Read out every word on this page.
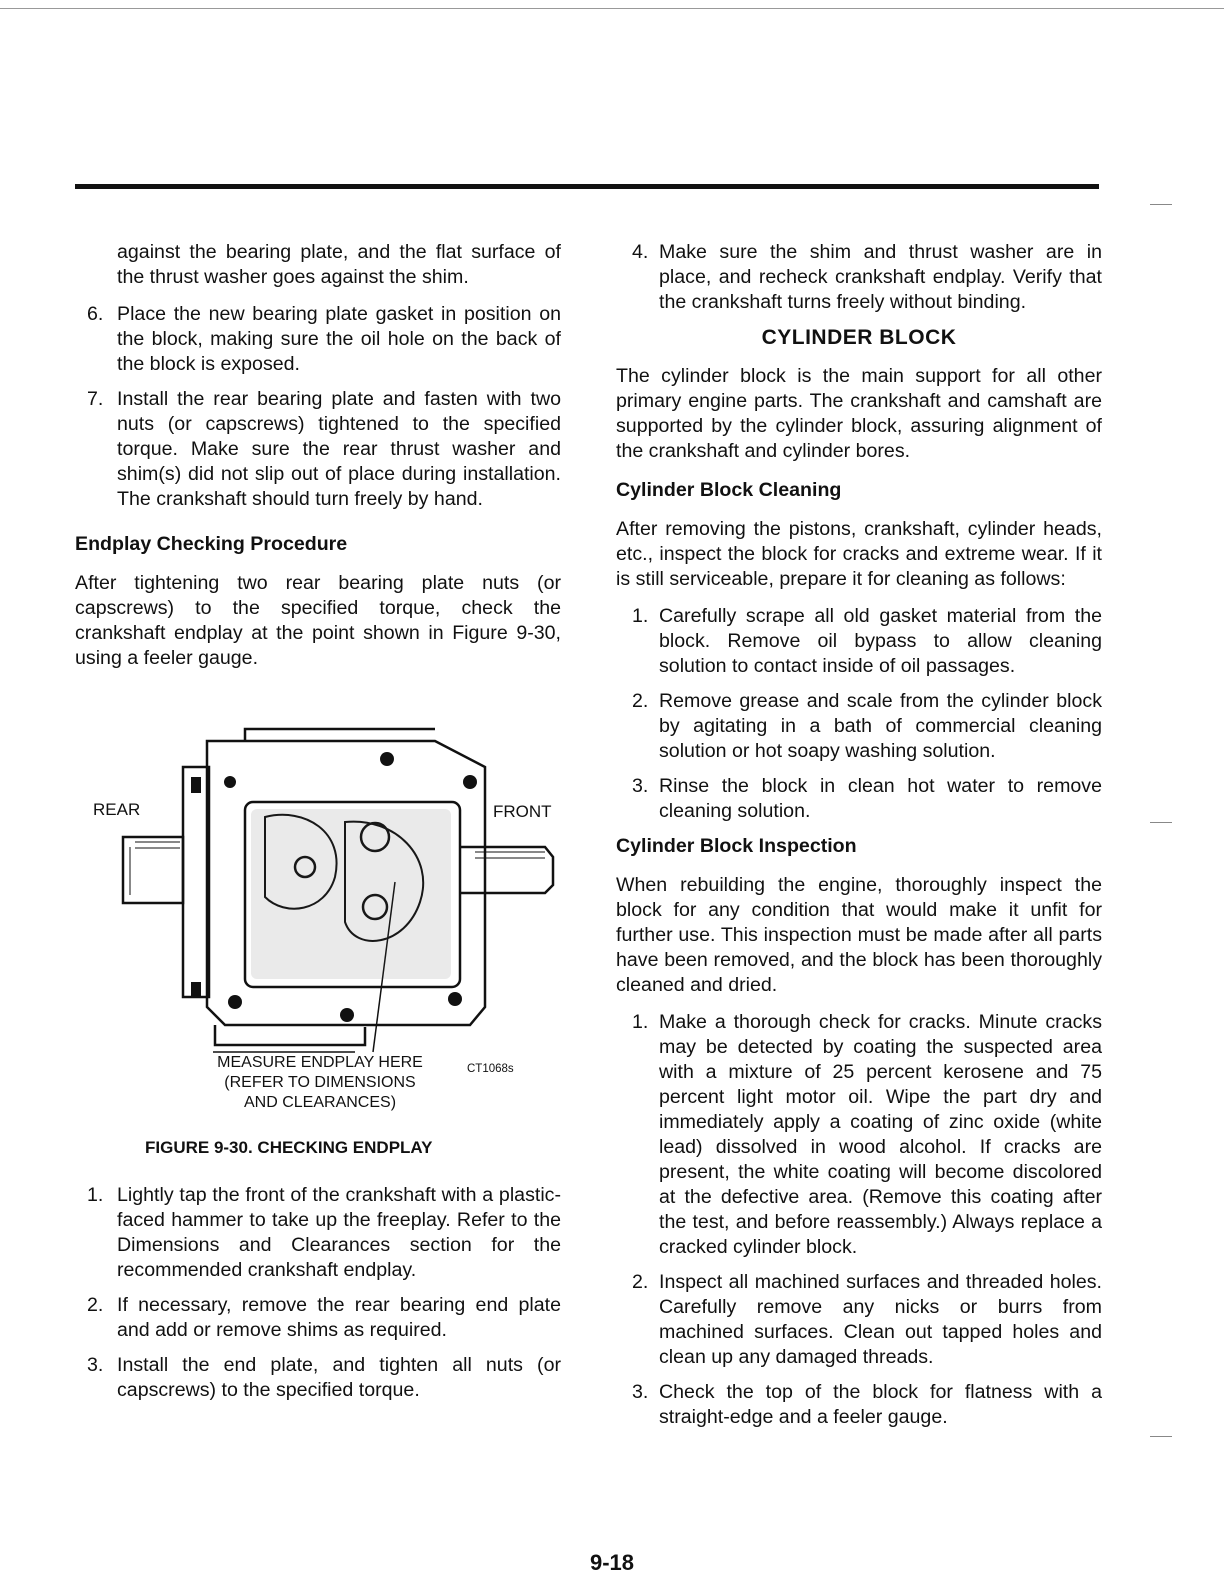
against the bearing plate, and the flat surface of the thrust washer goes against the shim.

6. Place the new bearing plate gasket in position on the block, making sure the oil hole on the back of the block is exposed.
7. Install the rear bearing plate and fasten with two nuts (or capscrews) tightened to the specified torque. Make sure the rear thrust washer and shim(s) did not slip out of place during installation. The crankshaft should turn freely by hand.
Endplay Checking Procedure

After tightening two rear bearing plate nuts (or capscrews) to the specified torque, check the crankshaft endplay at the point shown in Figure 9-30, using a feeler gauge.

REAR	FRONT
MEASURE ENDPLAY HERE
(REFER TO DIMENSIONS
AND CLEARANCES)
CT1068s
FIGURE 9-30. CHECKING ENDPLAY
1. Lightly tap the front of the crankshaft with a plastic-faced hammer to take up the freeplay. Refer to the Dimensions and Clearances section for the recommended crankshaft endplay.
2. If necessary, remove the rear bearing end plate and add or remove shims as required.
3. Install the end plate, and tighten all nuts (or capscrews) to the specified torque.
4. Make sure the shim and thrust washer are in place, and recheck crankshaft endplay. Verify that the crankshaft turns freely without binding.
CYLINDER BLOCK

The cylinder block is the main support for all other primary engine parts. The crankshaft and camshaft are supported by the cylinder block, assuring alignment of the crankshaft and cylinder bores.

Cylinder Block Cleaning

After removing the pistons, crankshaft, cylinder heads, etc., inspect the block for cracks and extreme wear. If it is still serviceable, prepare it for cleaning as follows:

1. Carefully scrape all old gasket material from the block. Remove oil bypass to allow cleaning solution to contact inside of oil passages.
2. Remove grease and scale from the cylinder block by agitating in a bath of commercial cleaning solution or hot soapy washing solution.
3. Rinse the block in clean hot water to remove cleaning solution.
Cylinder Block Inspection

When rebuilding the engine, thoroughly inspect the block for any condition that would make it unfit for further use. This inspection must be made after all parts have been removed, and the block has been thoroughly cleaned and dried.

1. Make a thorough check for cracks. Minute cracks may be detected by coating the suspected area with a mixture of 25 percent kerosene and 75 percent light motor oil. Wipe the part dry and immediately apply a coating of zinc oxide (white lead) dissolved in wood alcohol. If cracks are present, the white coating will become discolored at the defective area. (Remove this coating after the test, and before reassembly.) Always replace a cracked cylinder block.
2. Inspect all machined surfaces and threaded holes. Carefully remove any nicks or burrs from machined surfaces. Clean out tapped holes and clean up any damaged threads.
3. Check the top of the block for flatness with a straight-edge and a feeler gauge.
9-18
